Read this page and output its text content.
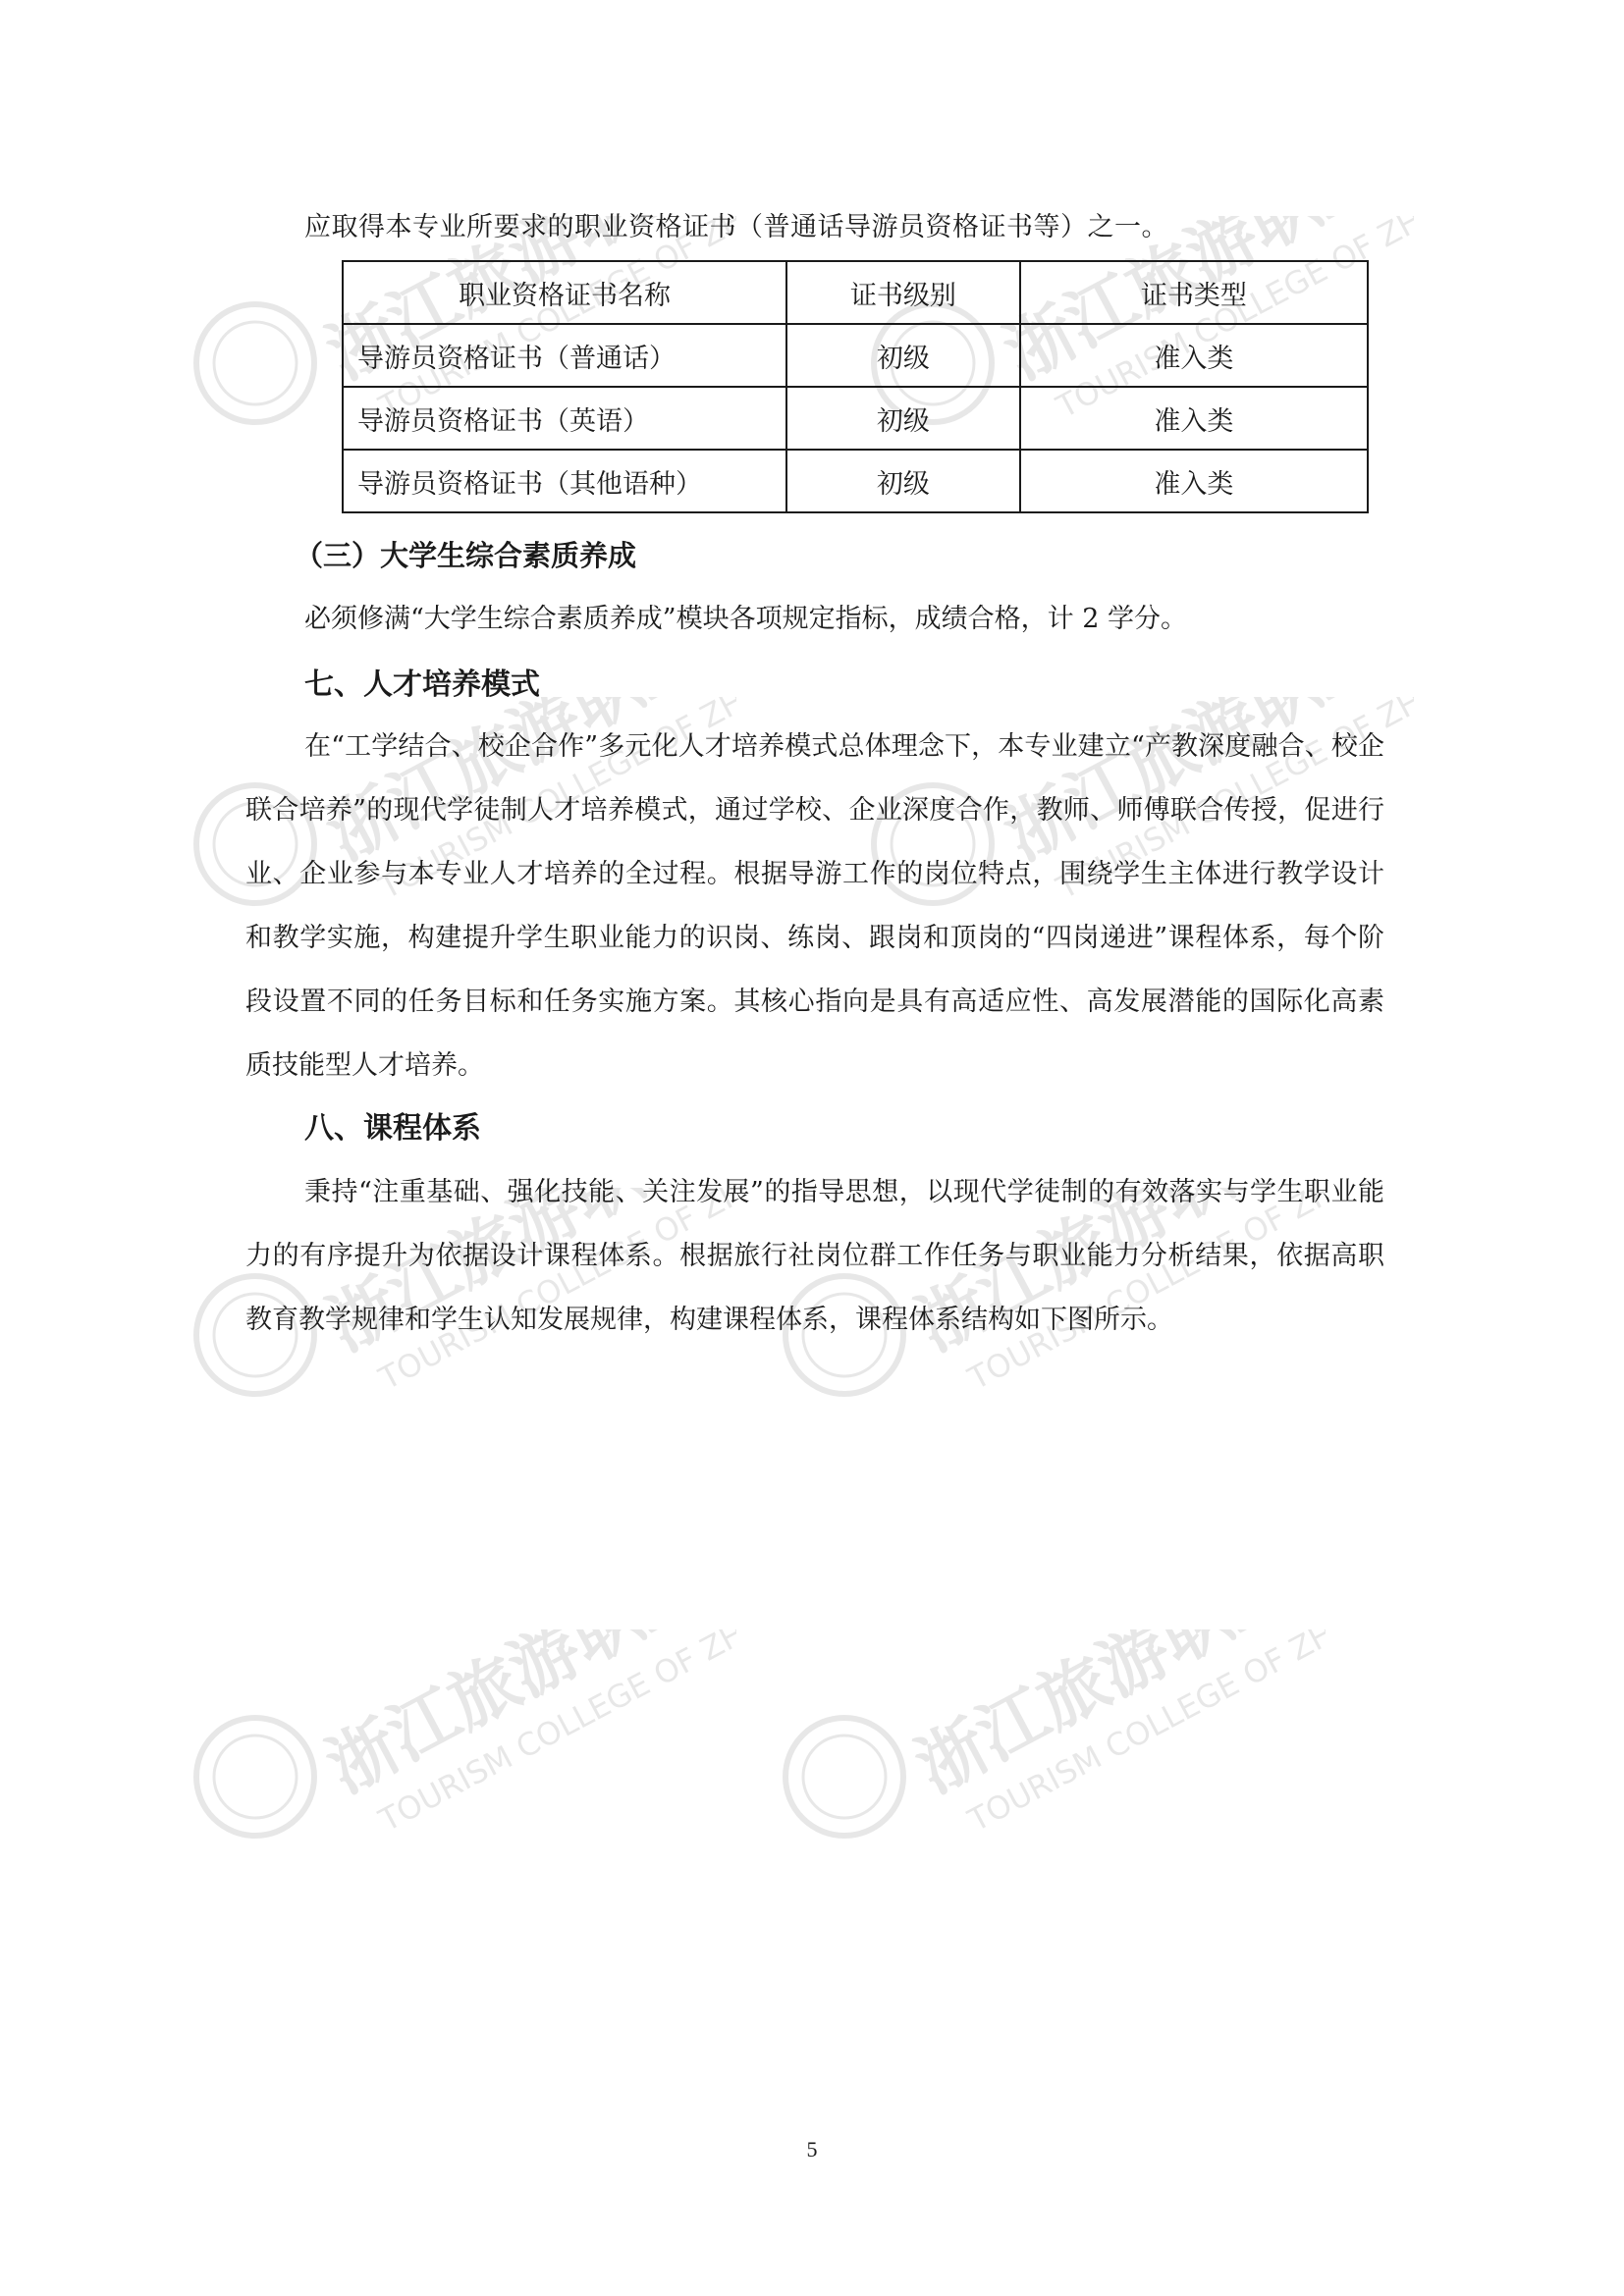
浙江旅游职业学院
TOURISM COLLEGE OF	浙江旅游职业学院
TOURISM COLLEGE OF
浙江旅游职业学院
TOURISM COLLEGE OF	浙江旅游职业学院
TOURISM COLLEGE OF
浙江旅游职业学院
TOURISM COLLEGE OF	浙江旅游职业学院
TOURISM COLLEGE OF
浙江旅游职业学院
TOURISM COLLEGE OF	浙江旅游职业学院
TOURISM COLLEGE OF
应取得本专业所要求的职业资格证书（普通话导游员资格证书等）之一。
职业资格证书名称	证书级别	证书类型
导游员资格证书（普通话）	初级	准入类
导游员资格证书（英语）	初级	准入类
导游员资格证书（其他语种）	初级	准入类
（三）大学生综合素质养成

必须修满“大学生综合素质养成”模块各项规定指标，成绩合格，计 2 学分。

七、人才培养模式

在“工学结合、校企合作”多元化人才培养模式总体理念下，本专业建立“产教深度融合、校企联合培养”的现代学徒制人才培养模式，通过学校、企业深度合作，教师、师傅联合传授，促进行业、企业参与本专业人才培养的全过程。根据导游工作的岗位特点，围绕学生主体进行教学设计和教学实施，构建提升学生职业能力的识岗、练岗、跟岗和顶岗的“四岗递进”课程体系，每个阶段设置不同的任务目标和任务实施方案。其核心指向是具有高适应性、高发展潜能的国际化高素质技能型人才培养。

八、课程体系

秉持“注重基础、强化技能、关注发展”的指导思想，以现代学徒制的有效落实与学生职业能力的有序提升为依据设计课程体系。根据旅行社岗位群工作任务与职业能力分析结果，依据高职教育教学规律和学生认知发展规律，构建课程体系，课程体系结构如下图所示。

5
